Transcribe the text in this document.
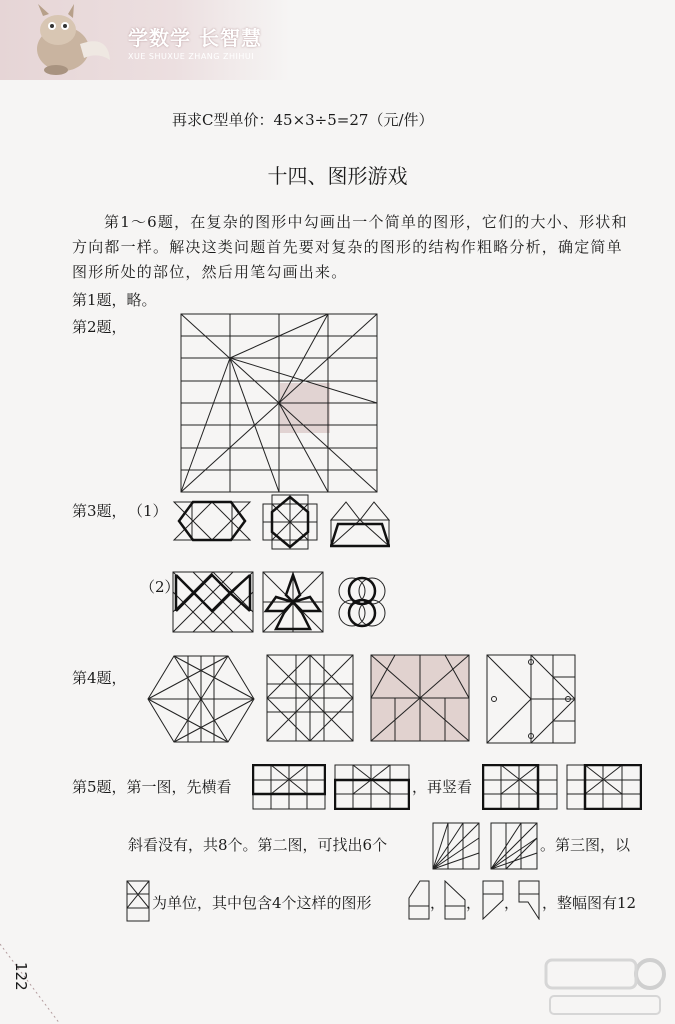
学数学 长智慧
XUE SHUXUE ZHANG ZHIHUI
再求C型单价：45×3÷5=27（元/件）
十四、图形游戏
第1～6题，在复杂的图形中勾画出一个简单的图形，它们的大小、形状和方向都一样。解决这类问题首先要对复杂的图形的结构作粗略分析，确定简单图形所处的部位，然后用笔勾画出来。
第1题，略。
第2题，
第3题， （1）
（2）
第4题，
第5题，第一图，先横看	，再竖看
斜看没有，共8个。第二图，可找出6个	。第三图，以
为单位，其中包含4个这样的图形	， ， ， ，整幅图有12
122
